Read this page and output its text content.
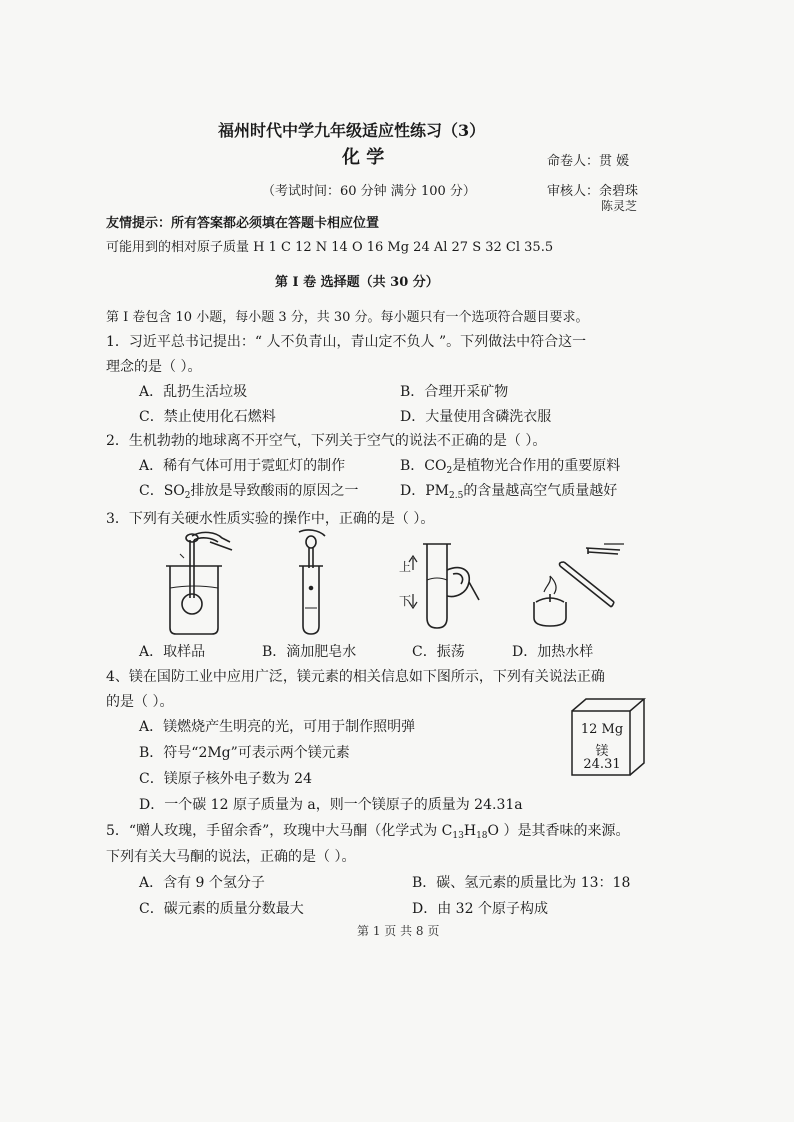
福州时代中学九年级适应性练习（3）
化 学	命卷人：贯 媛
（考试时间：60 分钟 满分 100 分）	审核人：余碧珠
陈灵芝
友情提示：所有答案都必须填在答题卡相应位置
可能用到的相对原子质量 H 1 C 12 N 14 O 16 Mg 24 Al 27 S 32 Cl 35.5
第 I 卷 选择题（共 30 分）
第 I 卷包含 10 小题，每小题 3 分，共 30 分。每小题只有一个选项符合题目要求。
1．习近平总书记提出：“ 人不负青山，青山定不负人 ”。下列做法中符合这一
理念的是（ ）。
A．乱扔生活垃圾	B．合理开采矿物
C．禁止使用化石燃料	D．大量使用含磷洗衣服
2．生机勃勃的地球离不开空气，下列关于空气的说法不正确的是（ ）。
A．稀有气体可用于霓虹灯的制作	B．$CO_2$是植物光合作用的重要原料
C．$SO_2$排放是导致酸雨的原因之一	D．$PM_{2.5}$的含量越高空气质量越好
3．下列有关硬水性质实验的操作中，正确的是（ ）。
上
下
A．取样品	B．滴加肥皂水	C．振荡	D．加热水样
4、镁在国防工业中应用广泛，镁元素的相关信息如下图所示，下列有关说法正确
的是（ ）。
A．镁燃烧产生明亮的光，可用于制作照明弹
B．符号“2Mg”可表示两个镁元素
C．镁原子核外电子数为 24
D．一个碳 12 原子质量为 a，则一个镁原子的质量为 24.31a
12 Mg
镁
24.31
5．“赠人玫瑰，手留余香”，玫瑰中大马酮（化学式为 $C_{13}H_{18}O$ ）是其香味的来源。
下列有关大马酮的说法，正确的是（ ）。
A．含有 9 个氢分子	B．碳、氢元素的质量比为 13：18
C．碳元素的质量分数最大	D．由 32 个原子构成
第 1 页 共 8 页
